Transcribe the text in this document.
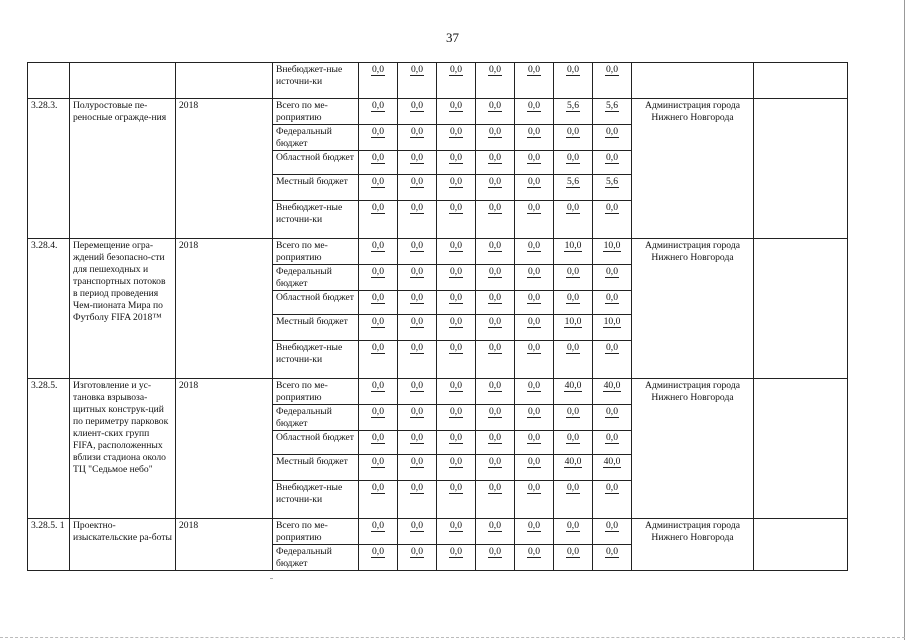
37
			Внебюджет-ные источни-ки	0,0	0,0	0,0	0,0	0,0	0,0	0,0		
3.28.3.	Полуростовые пе-реносные огражде-ния	2018	Всего по ме-роприятию	0,0	0,0	0,0	0,0	0,0	5,6	5,6	Администрация города Нижнего Новгорода	
			Федеральный бюджет	0,0	0,0	0,0	0,0	0,0	0,0	0,0		
			Областной бюджет	0,0	0,0	0,0	0,0	0,0	0,0	0,0		
			Местный бюджет	0,0	0,0	0,0	0,0	0,0	5,6	5,6		
			Внебюджет-ные источни-ки	0,0	0,0	0,0	0,0	0,0	0,0	0,0		
3.28.4.	Перемещение огра-ждений безопасно-сти для пешеходных и транспортных потоков в период проведения Чем-пионата Мира по Футболу FIFA 2018™	2018	Всего по ме-роприятию	0,0	0,0	0,0	0,0	0,0	10,0	10,0	Администрация города Нижнего Новгорода	
			Федеральный бюджет	0,0	0,0	0,0	0,0	0,0	0,0	0,0		
			Областной бюджет	0,0	0,0	0,0	0,0	0,0	0,0	0,0		
			Местный бюджет	0,0	0,0	0,0	0,0	0,0	10,0	10,0		
			Внебюджет-ные источни-ки	0,0	0,0	0,0	0,0	0,0	0,0	0,0		
3.28.5.	Изготовление и ус-тановка взрывоза-щитных конструк-ций по периметру парковок клиент-ских групп FIFA, расположенных вблизи стадиона около ТЦ "Седьмое небо"	2018	Всего по ме-роприятию	0,0	0,0	0,0	0,0	0,0	40,0	40,0	Администрация города Нижнего Новгорода	
			Федеральный бюджет	0,0	0,0	0,0	0,0	0,0	0,0	0,0		
			Областной бюджет	0,0	0,0	0,0	0,0	0,0	0,0	0,0		
			Местный бюджет	0,0	0,0	0,0	0,0	0,0	40,0	40,0		
			Внебюджет-ные источни-ки	0,0	0,0	0,0	0,0	0,0	0,0	0,0		
3.28.5. 1	Проектно-изыскательские ра-боты	2018	Всего по ме-роприятию	0,0	0,0	0,0	0,0	0,0	0,0	0,0	Администрация города Нижнего Новгорода	
			Федеральный бюджет	0,0	0,0	0,0	0,0	0,0	0,0	0,0		
